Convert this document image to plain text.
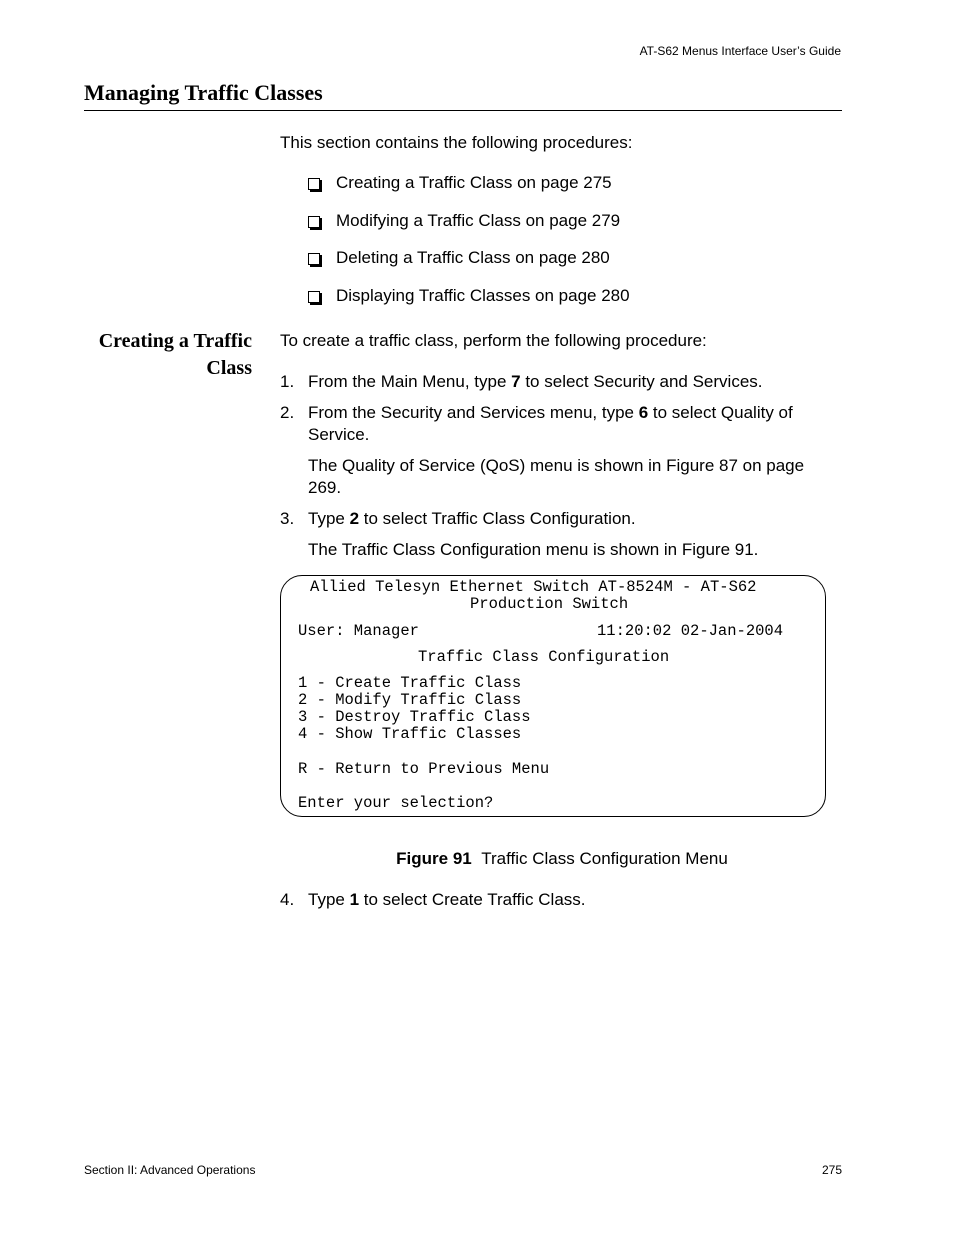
AT-S62 Menus Interface User’s Guide
Managing Traffic Classes
This section contains the following procedures:
Creating a Traffic Class on page 275
Modifying a Traffic Class on page 279
Deleting a Traffic Class on page 280
Displaying Traffic Classes on page 280
Creating a Traffic
Class
To create a traffic class, perform the following procedure:
1. From the Main Menu, type 7 to select Security and Services.
2. From the Security and Services menu, type 6 to select Quality of Service.
The Quality of Service (QoS) menu is shown in Figure 87 on page 269.
3. Type 2 to select Traffic Class Configuration.
The Traffic Class Configuration menu is shown in Figure 91.
Allied Telesyn Ethernet Switch AT-8524M - AT-S62
Production Switch
User: Manager	11:20:02 02-Jan-2004
Traffic Class Configuration
1 - Create Traffic Class
2 - Modify Traffic Class
3 - Destroy Traffic Class
4 - Show Traffic Classes
R - Return to Previous Menu
Enter your selection?
Figure 91 Traffic Class Configuration Menu
4. Type 1 to select Create Traffic Class.
Section II: Advanced Operations	275
